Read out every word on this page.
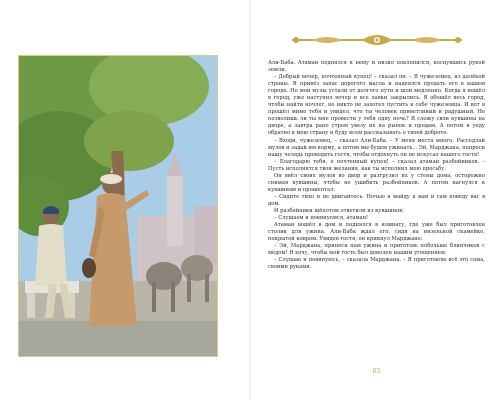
Али-Баба. Атаман поднялся к нему и низко поклонился, коснувшись рукой земли.

– Добрый вечер, почтенный купец! – сказал он. – Я чужеземец, из далёкой страны. Я привёз запас дорогого масла и надеялся продать его в вашем городе. Но мои мулы устали от долгого пути и шли медленно. Когда я вошёл в город, уже наступил вечер и все лавки закрылись. Я обошёл весь город, чтобы найти ночлег, но никто не захотел пустить к себе чужеземца. И вот я прошёл мимо тебя и увидел, что ты человек приветливый и радушный. Не позволишь ли ты мне провести у тебя одну ночь? Я сложу свои кувшины на дворе, а завтра рано утром увезу их на рынок и продам. А потом я уеду обратно в мою страну и буду всем рассказывать о твоей доброте.

– Входи, чужеземец, – сказал Али-Баба. – У меня места много. Расседлай мулов и задай им корму, а потом мы будем ужинать... Эй, Марджана, попроси нашу челядь проводить гостя, чтобы отдохнуть он не искусал нашего гостя!

– Благодарю тебя, о почтенный купец! – сказал атаман разбойников. – Пусть исполнятся твои желания, как ты исполнил мою просьбу.

Он ввёл своих мулов во двор и разгрузил их у стены дома, осторожно снимая кувшины, чтобы не ушибить разбойников. А потом нагнулся к кувшинам и прошептал:

– Сидите тихо и не двигайтесь. Ночью я выйду к вам и сам поведу вас в дом.

И разбойники шёпотом ответили из кувшинов:

– Слушаем и повинуемся, атаман!

Атаман вошёл в дом и поднялся в комнату, где уже был приготовлен столик для ужина. Али-Баба ждал его, сидя на низенькой скамейке, покрытой ковром. Увидев гостя, он крикнул Марджане:

– Эй, Марджана, принеси нам ужина и приготовь побольше блинчиков с мёдом! Я хочу, чтобы мой гость был доволен нашим угощением.

– Слушаю и повинуюсь, – сказала Марджана. – Я приготовлю всё это сама, своими руками.

65
